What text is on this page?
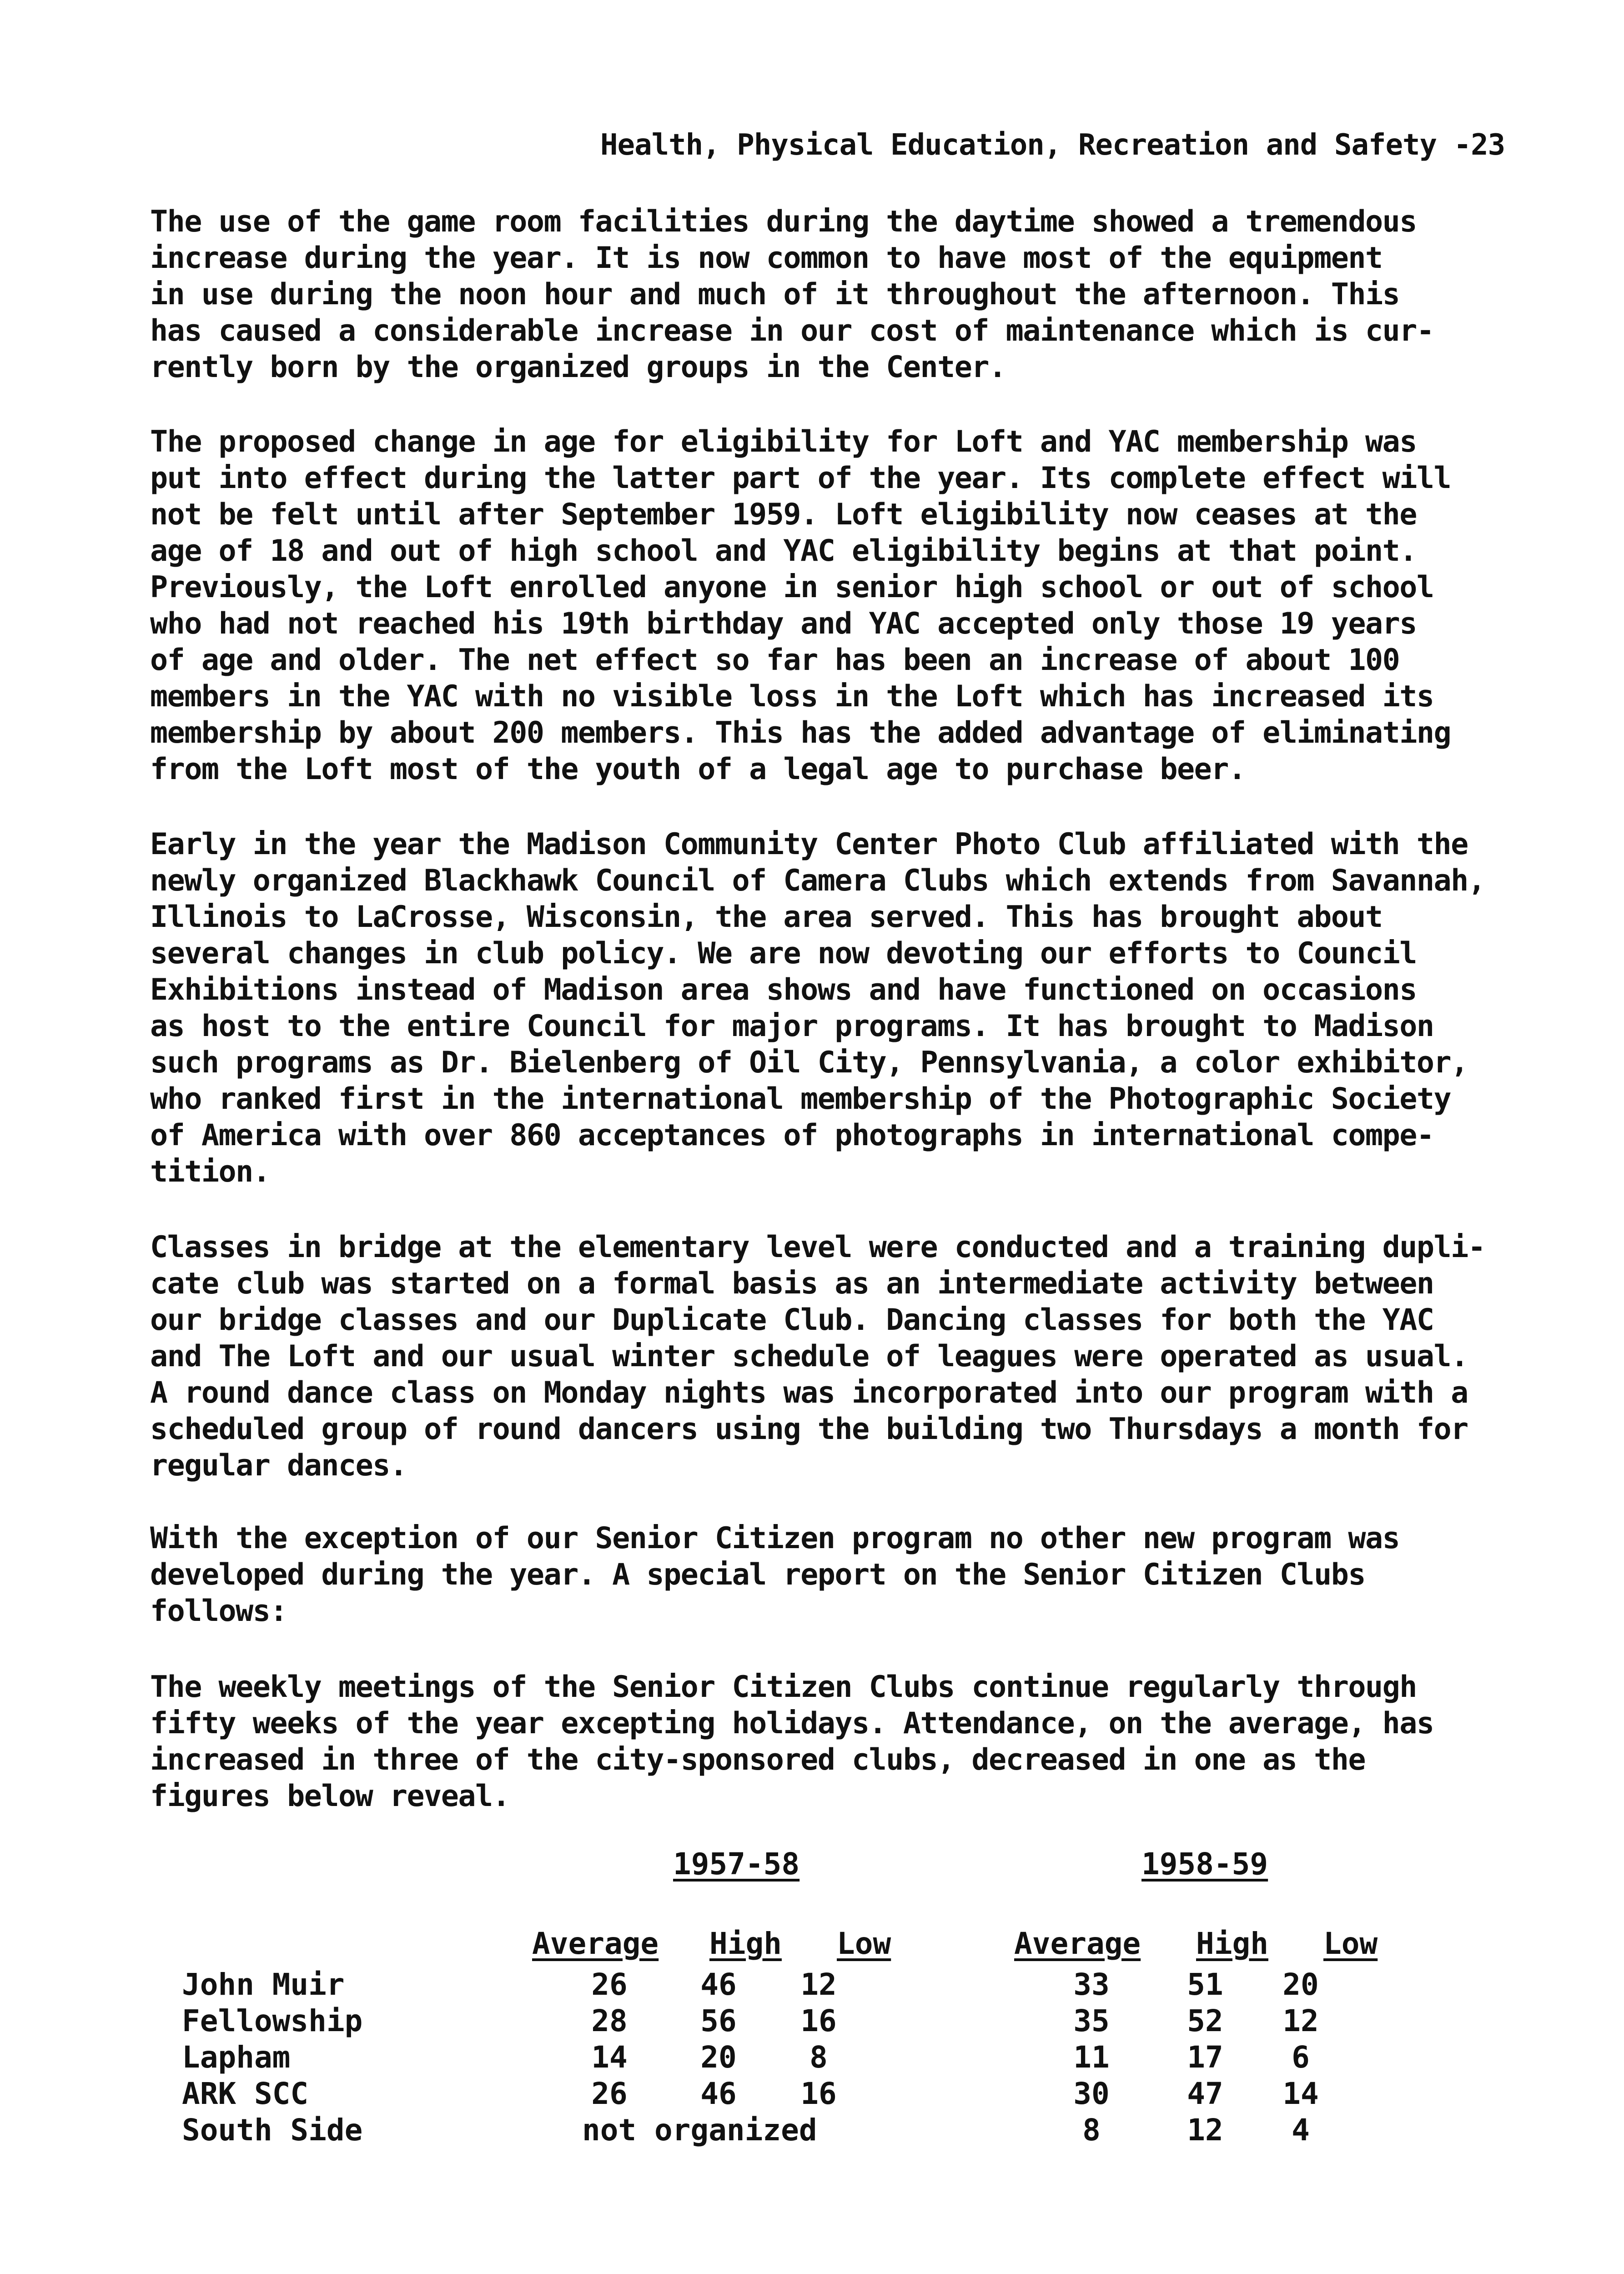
Health, Physical Education, Recreation and Safety -23
The use of the game room facilities during the daytime showed a tremendous
increase during the year. It is now common to have most of the equipment
in use during the noon hour and much of it throughout the afternoon. This
has caused a considerable increase in our cost of maintenance which is cur-
rently born by the organized groups in the Center.
The proposed change in age for eligibility for Loft and YAC membership was
put into effect during the latter part of the year. Its complete effect will
not be felt until after September 1959. Loft eligibility now ceases at the
age of 18 and out of high school and YAC eligibility begins at that point.
Previously, the Loft enrolled anyone in senior high school or out of school
who had not reached his 19th birthday and YAC accepted only those 19 years
of age and older. The net effect so far has been an increase of about 100
members in the YAC with no visible loss in the Loft which has increased its
membership by about 200 members. This has the added advantage of eliminating
from the Loft most of the youth of a legal age to purchase beer.
Early in the year the Madison Community Center Photo Club affiliated with the
newly organized Blackhawk Council of Camera Clubs which extends from Savannah,
Illinois to LaCrosse, Wisconsin, the area served. This has brought about
several changes in club policy. We are now devoting our efforts to Council
Exhibitions instead of Madison area shows and have functioned on occasions
as host to the entire Council for major programs. It has brought to Madison
such programs as Dr. Bielenberg of Oil City, Pennsylvania, a color exhibitor,
who ranked first in the international membership of the Photographic Society
of America with over 860 acceptances of photographs in international compe-
tition.
Classes in bridge at the elementary level were conducted and a training dupli-
cate club was started on a formal basis as an intermediate activity between
our bridge classes and our Duplicate Club. Dancing classes for both the YAC
and The Loft and our usual winter schedule of leagues were operated as usual.
A round dance class on Monday nights was incorporated into our program with a
scheduled group of round dancers using the building two Thursdays a month for
regular dances.
With the exception of our Senior Citizen program no other new program was
developed during the year. A special report on the Senior Citizen Clubs
follows:
The weekly meetings of the Senior Citizen Clubs continue regularly through
fifty weeks of the year excepting holidays. Attendance, on the average, has
increased in three of the city-sponsored clubs, decreased in one as the
figures below reveal.
1957-58	1958-59
Average High Low	Average High Low
John Muir	26	46	12	33	51	20
Fellowship	28	56	16	35	52	12
Lapham	14	20	8	11	17	6
ARK SCC	26	46	16	30	47	14
South Side	not organized	8	12	4
